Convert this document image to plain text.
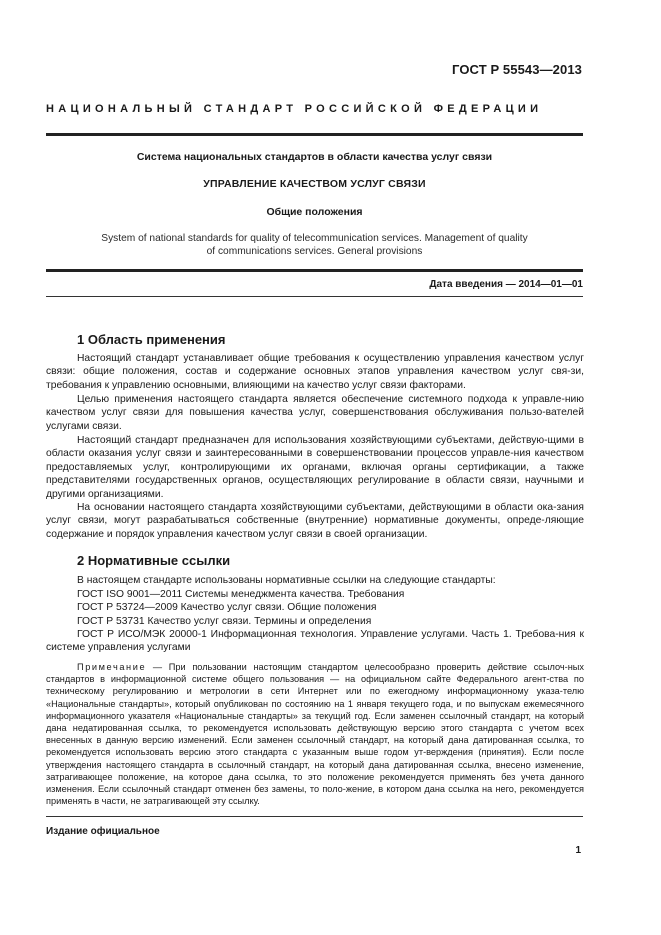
ГОСТ Р 55543—2013
НАЦИОНАЛЬНЫЙ СТАНДАРТ РОССИЙСКОЙ ФЕДЕРАЦИИ
Система национальных стандартов в области качества услуг связи
УПРАВЛЕНИЕ КАЧЕСТВОМ УСЛУГ СВЯЗИ
Общие положения
System of national standards for quality of telecommunication services. Management of quality
of communications services. General provisions
Дата введения — 2014—01—01
1 Область применения

Настоящий стандарт устанавливает общие требования к осуществлению управления качеством услуг связи: общие положения, состав и содержание основных этапов управления качеством услуг свя-зи, требования к управлению основными, влияющими на качество услуг связи факторами.

Целью применения настоящего стандарта является обеспечение системного подхода к управле-нию качеством услуг связи для повышения качества услуг, совершенствования обслуживания пользо-вателей услугами связи.

Настоящий стандарт предназначен для использования хозяйствующими субъектами, действую-щими в области оказания услуг связи и заинтересованными в совершенствовании процессов управле-ния качеством предоставляемых услуг, контролирующими их органами, включая органы сертификации, а также представителями государственных органов, осуществляющих регулирование в области связи, научными и другими организациями.

На основании настоящего стандарта хозяйствующими субъектами, действующими в области ока-зания услуг связи, могут разрабатываться собственные (внутренние) нормативные документы, опреде-ляющие содержание и порядок управления качеством услуг связи в своей организации.

2 Нормативные ссылки

В настоящем стандарте использованы нормативные ссылки на следующие стандарты:

ГОСТ ISO 9001—2011 Системы менеджмента качества. Требования

ГОСТ Р 53724—2009 Качество услуг связи. Общие положения

ГОСТ Р 53731 Качество услуг связи. Термины и определения

ГОСТ Р ИСО/МЭК 20000-1 Информационная технология. Управление услугами. Часть 1. Требова-ния к системе управления услугами

Примечание — При пользовании настоящим стандартом целесообразно проверить действие ссылоч-ных стандартов в информационной системе общего пользования — на официальном сайте Федерального агент-ства по техническому регулированию и метрологии в сети Интернет или по ежегодному информационному указа-телю «Национальные стандарты», который опубликован по состоянию на 1 января текущего года, и по выпускам ежемесячного информационного указателя «Национальные стандарты» за текущий год. Если заменен ссылочный стандарт, на который дана недатированная ссылка, то рекомендуется использовать действующую версию этого стандарта с учетом всех внесенных в данную версию изменений. Если заменен ссылочный стандарт, на который дана датированная ссылка, то рекомендуется использовать версию этого стандарта с указанным выше годом ут-верждения (принятия). Если после утверждения настоящего стандарта в ссылочный стандарт, на который дана датированная ссылка, внесено изменение, затрагивающее положение, на которое дана ссылка, то это положение рекомендуется применять без учета данного изменения. Если ссылочный стандарт отменен без замены, то поло-жение, в котором дана ссылка на него, рекомендуется применять в части, не затрагивающей эту ссылку.

Издание официальное
1
